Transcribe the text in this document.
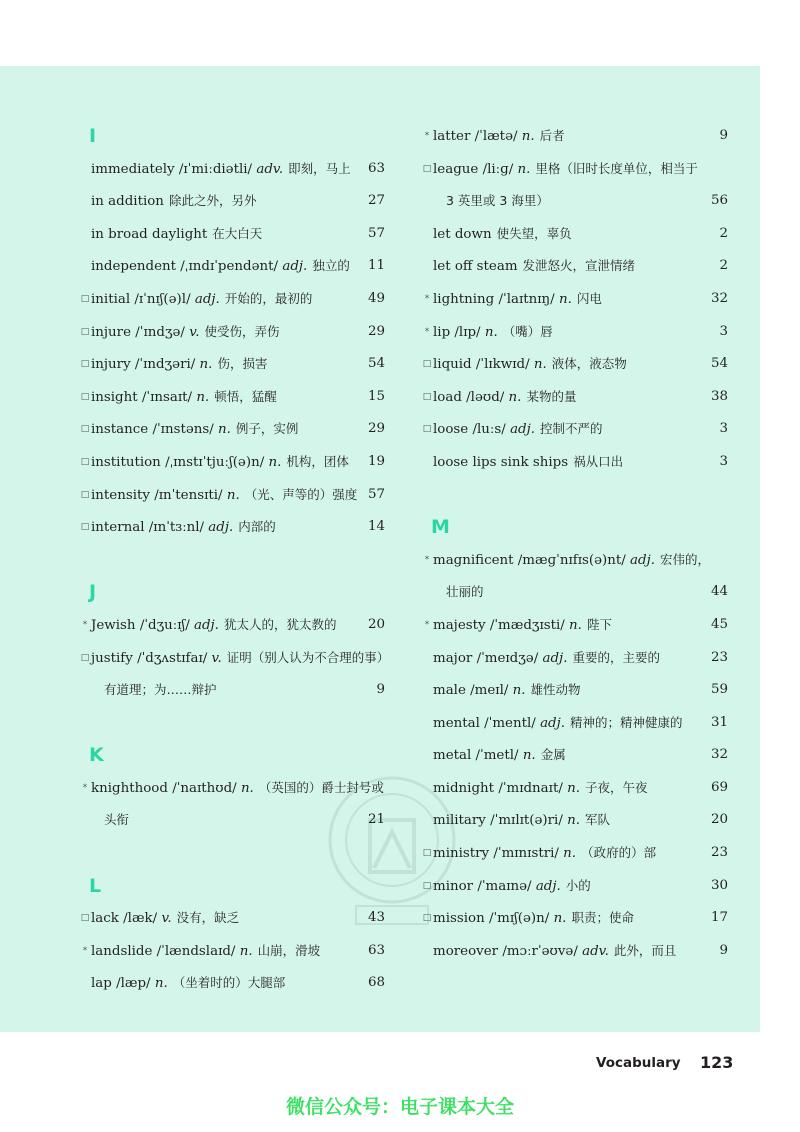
I
immediately /ɪˈmiːdiətli/ adv. 即刻，马上 63
in addition 除此之外，另外	27
in broad daylight 在大白天	57
independent /ˌɪndɪˈpendənt/ adj. 独立的 11
□ initial /ɪˈnɪʃ(ə)l/ adj. 开始的，最初的	49
□ injure /ˈɪndʒə/ v. 使受伤，弄伤	29
□ injury /ˈɪndʒəri/ n. 伤，损害	54
□ insight /ˈɪnsaɪt/ n. 顿悟，猛醒	15
□ instance /ˈɪnstəns/ n. 例子，实例	29
□ institution /ˌɪnstɪˈtjuːʃ(ə)n/ n. 机构，团体 19
□ intensity /ɪnˈtensɪti/ n. （光、声等的）强度 57
□ internal /ɪnˈtɜːnl/ adj. 内部的	14
J
* Jewish /ˈdʒuːɪʃ/ adj. 犹太人的，犹太教的 20
□ justify /ˈdʒʌstɪfaɪ/ v. 证明（别人认为不合理的事）
有道理；为……辩护	9
K
* knighthood /ˈnaɪthʊd/ n. （英国的）爵士封号或
头衔	21
L
□ lack /læk/ v. 没有，缺乏	43
* landslide /ˈlændslaɪd/ n. 山崩，滑坡	63
lap /læp/ n. （坐着时的）大腿部	68
* latter /ˈlætə/ n. 后者	9
□ league /liːɡ/ n. 里格（旧时长度单位，相当于
3 英里或 3 海里）	56
let down 使失望，辜负	2
let off steam 发泄怒火，宣泄情绪	2
* lightning /ˈlaɪtnɪŋ/ n. 闪电	32
* lip /lɪp/ n. （嘴）唇	3
□ liquid /ˈlɪkwɪd/ n. 液体，液态物	54
□ load /ləʊd/ n. 某物的量	38
□ loose /luːs/ adj. 控制不严的	3
loose lips sink ships 祸从口出	3
M
* magnificent /mæɡˈnɪfɪs(ə)nt/ adj. 宏伟的，
壮丽的	44
* majesty /ˈmædʒɪsti/ n. 陛下	45
major /ˈmeɪdʒə/ adj. 重要的，主要的	23
male /meɪl/ n. 雄性动物	59
mental /ˈmentl/ adj. 精神的；精神健康的 31
metal /ˈmetl/ n. 金属	32
midnight /ˈmɪdnaɪt/ n. 子夜，午夜	69
military /ˈmɪlɪt(ə)ri/ n. 军队	20
□ ministry /ˈmɪnɪstri/ n. （政府的）部	23
□ minor /ˈmaɪnə/ adj. 小的	30
□ mission /ˈmɪʃ(ə)n/ n. 职责；使命	17
moreover /mɔːrˈəʊvə/ adv. 此外，而且	9
Vocabulary 123
微信公众号：电子课本大全
